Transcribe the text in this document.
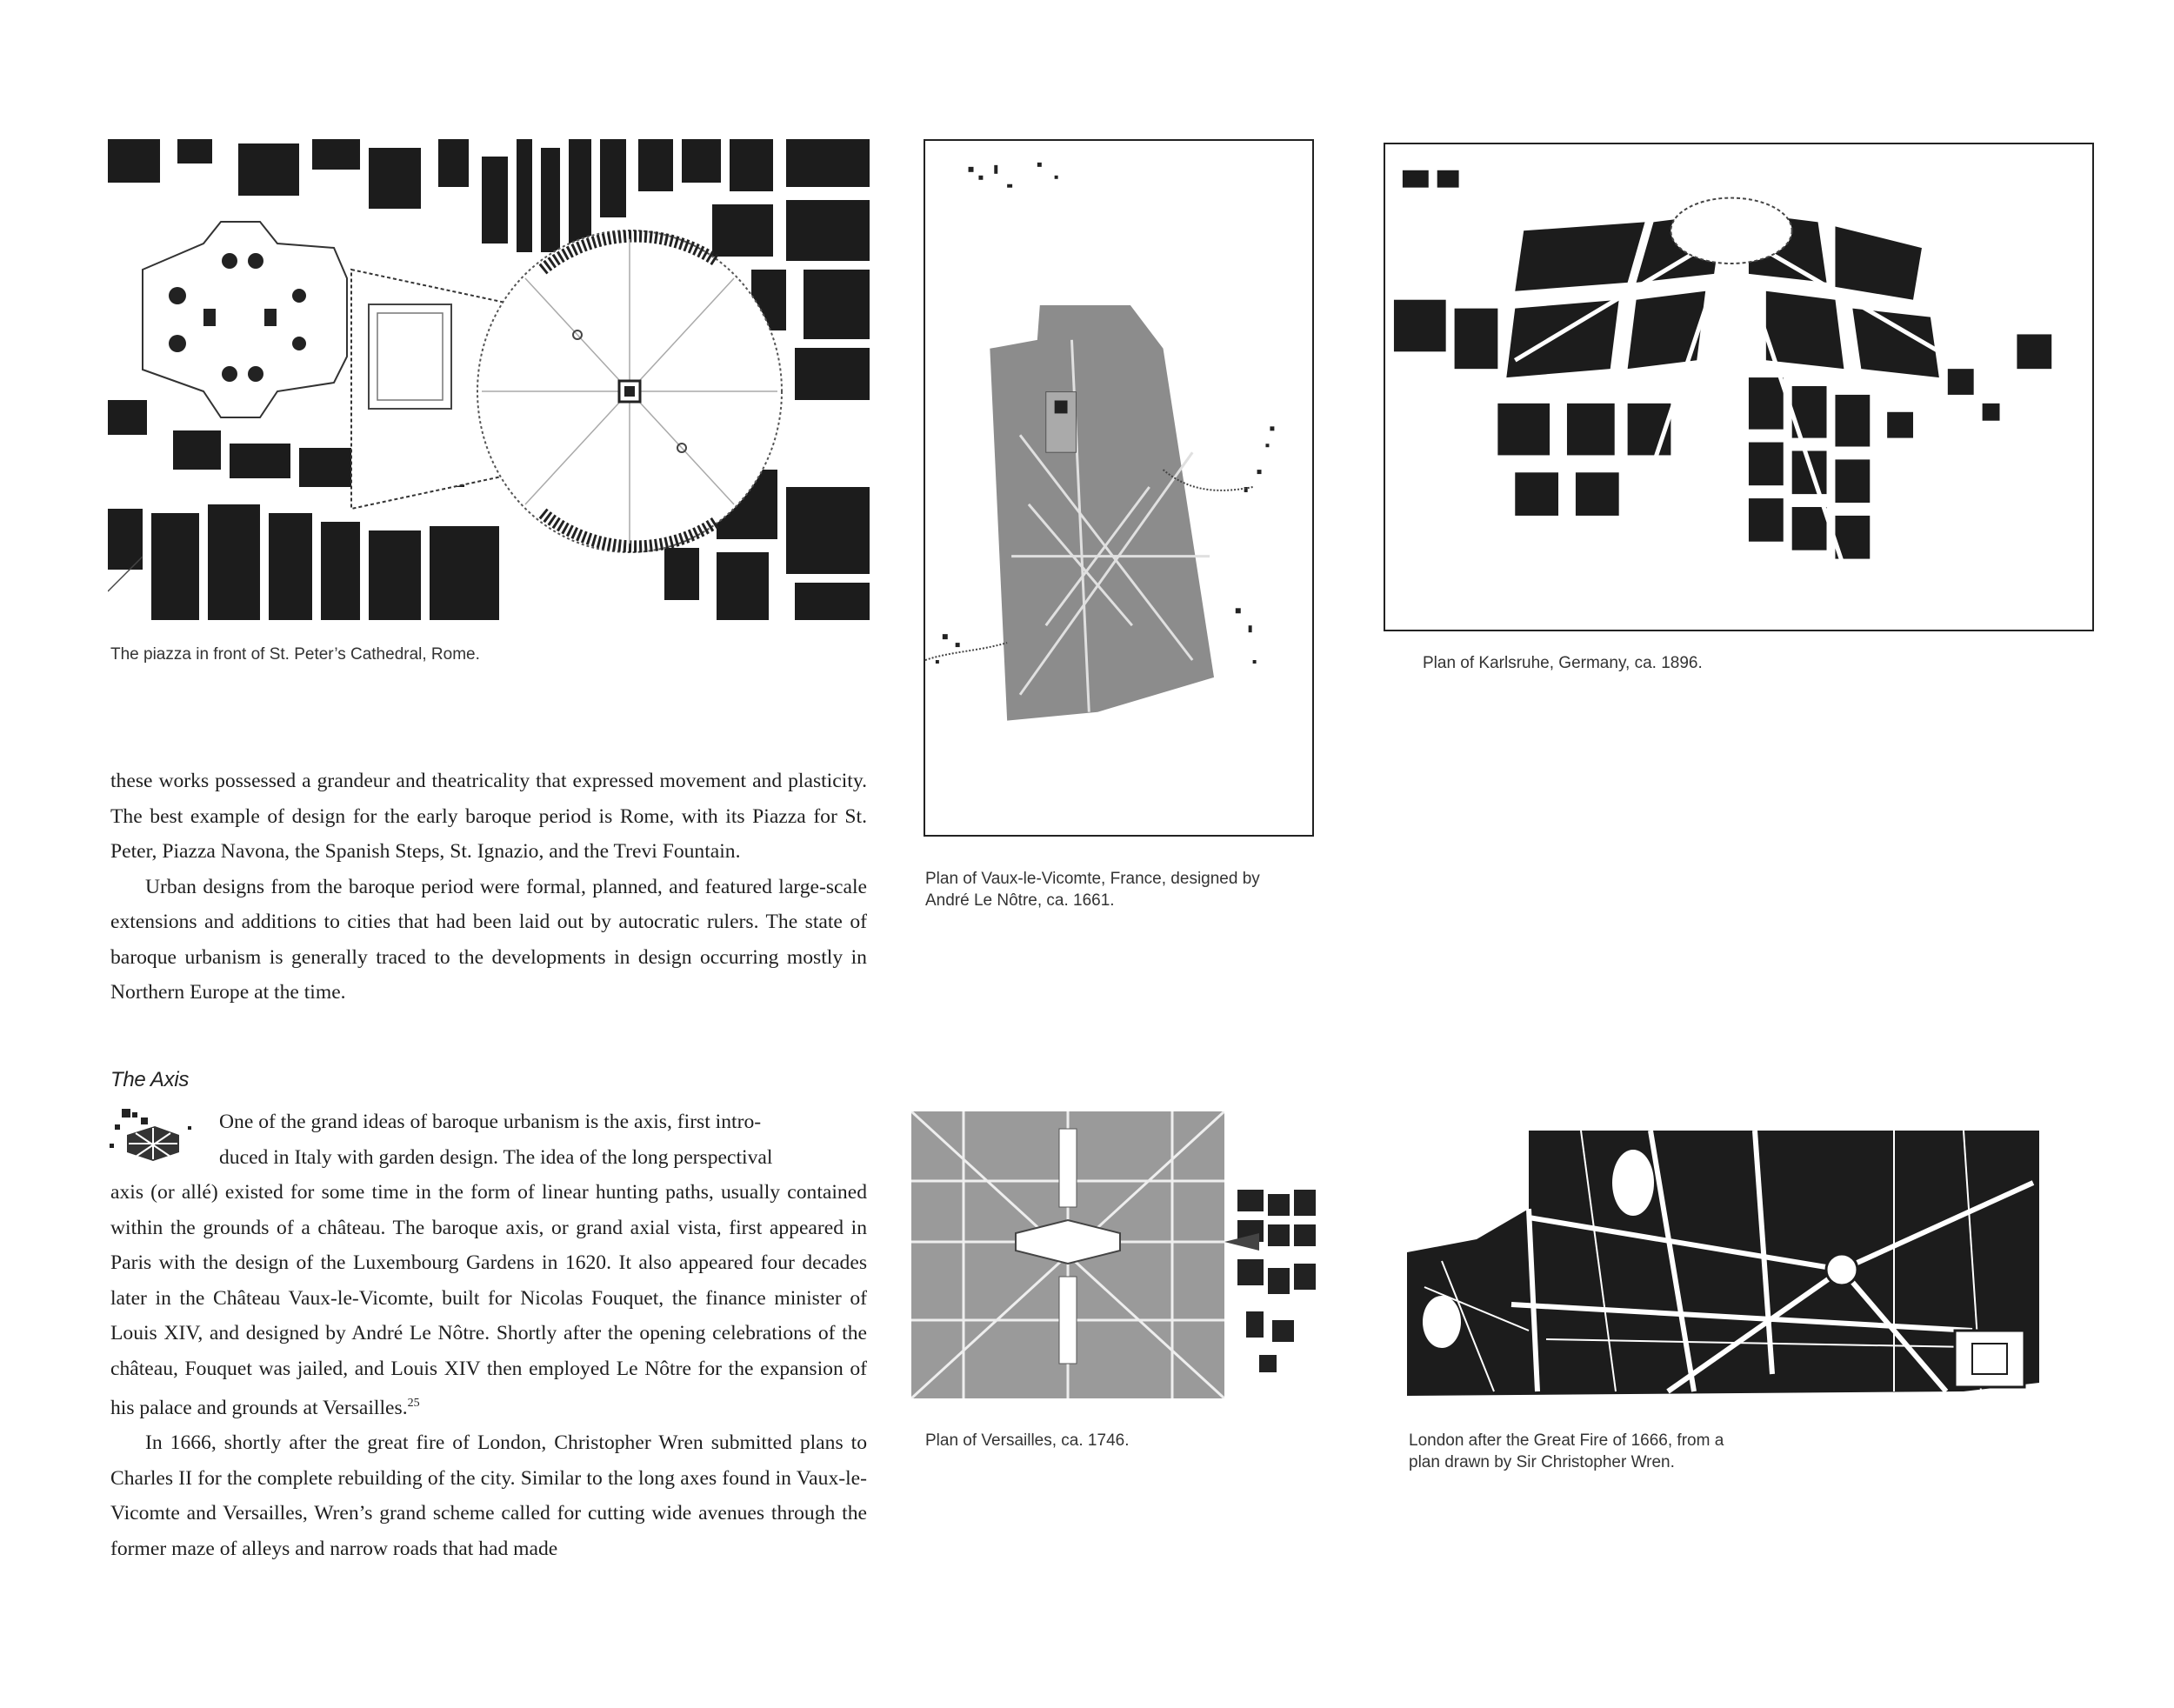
The piazza in front of St. Peter’s Cathedral, Rome.
Plan of Vaux-le-Vicomte, France, designed by
André Le Nôtre, ca. 1661.
Plan of Karlsruhe, Germany, ca. 1896.

these works possessed a grandeur and theatricality that expressed movement and plasticity. The best example of design for the early baroque period is Rome, with its Piazza for St. Peter, Piazza Navona, the Spanish Steps, St. Ignazio, and the Trevi Fountain.

Urban designs from the baroque period were formal, planned, and featured large-scale extensions and additions to cities that had been laid out by autocratic rulers. The state of baroque urbanism is generally traced to the developments in design occurring mostly in Northern Europe at the time.

The Axis

One of the grand ideas of baroque urbanism is the axis, first intro-
duced in Italy with garden design. The idea of the long perspectival
axis (or allé) existed for some time in the form of linear hunting paths, usually contained within the grounds of a château. The baroque axis, or grand axial vista, first appeared in Paris with the design of the Luxembourg Gardens in 1620. It also appeared four decades later in the Château Vaux-le-Vicomte, built for Nicolas Fouquet, the finance minister of Louis XIV, and designed by André Le Nôtre. Shortly after the opening celebrations of the château, Fouquet was jailed, and Louis XIV then employed Le Nôtre for the expansion of his palace and grounds at Versailles.$^{25}$

In 1666, shortly after the great fire of London, Christopher Wren submitted plans to Charles II for the complete rebuilding of the city. Similar to the long axes found in Vaux-le-Vicomte and Versailles, Wren’s grand scheme called for cutting wide avenues through the former maze of alleys and narrow roads that had made

Plan of Versailles, ca. 1746.	London after the Great Fire of 1666, from a
plan drawn by Sir Christopher Wren.
